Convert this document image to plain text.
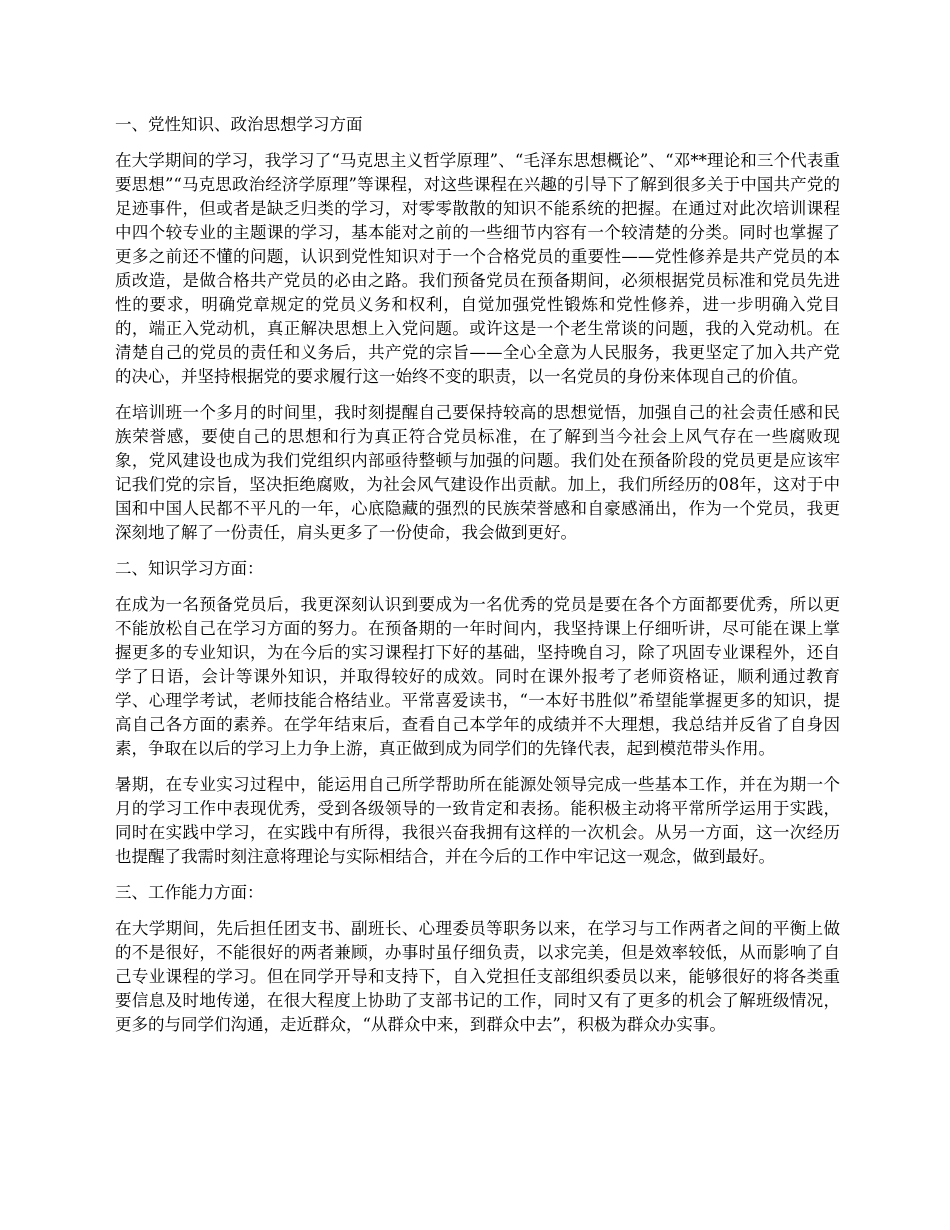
一、党性知识、政治思想学习方面
在大学期间的学习，我学习了“马克思主义哲学原理”、“毛泽东思想概论”、“邓**理论和三个代表重要思想”“马克思政治经济学原理”等课程，对这些课程在兴趣的引导下了解到很多关于中国共产党的足迹事件，但或者是缺乏归类的学习，对零零散散的知识不能系统的把握。在通过对此次培训课程中四个较专业的主题课的学习，基本能对之前的一些细节内容有一个较清楚的分类。同时也掌握了更多之前还不懂的问题，认识到党性知识对于一个合格党员的重要性——党性修养是共产党员的本质改造，是做合格共产党员的必由之路。我们预备党员在预备期间，必须根据党员标准和党员先进性的要求，明确党章规定的党员义务和权利，自觉加强党性锻炼和党性修养，进一步明确入党目的，端正入党动机，真正解决思想上入党问题。或许这是一个老生常谈的问题，我的入党动机。在清楚自己的党员的责任和义务后，共产党的宗旨——全心全意为人民服务，我更坚定了加入共产党的决心，并坚持根据党的要求履行这一始终不变的职责，以一名党员的身份来体现自己的价值。
在培训班一个多月的时间里，我时刻提醒自己要保持较高的思想觉悟，加强自己的社会责任感和民族荣誉感，要使自己的思想和行为真正符合党员标准，在了解到当今社会上风气存在一些腐败现象，党风建设也成为我们党组织内部亟待整顿与加强的问题。我们处在预备阶段的党员更是应该牢记我们党的宗旨，坚决拒绝腐败，为社会风气建设作出贡献。加上，我们所经历的08年，这对于中国和中国人民都不平凡的一年，心底隐藏的强烈的民族荣誉感和自豪感涌出，作为一个党员，我更深刻地了解了一份责任，肩头更多了一份使命，我会做到更好。
二、知识学习方面：
在成为一名预备党员后，我更深刻认识到要成为一名优秀的党员是要在各个方面都要优秀，所以更不能放松自己在学习方面的努力。在预备期的一年时间内，我坚持课上仔细听讲，尽可能在课上掌握更多的专业知识，为在今后的实习课程打下好的基础，坚持晚自习，除了巩固专业课程外，还自学了日语，会计等课外知识，并取得较好的成效。同时在课外报考了老师资格证，顺利通过教育学、心理学考试，老师技能合格结业。平常喜爱读书，“一本好书胜似”希望能掌握更多的知识，提高自己各方面的素养。在学年结束后，查看自己本学年的成绩并不大理想，我总结并反省了自身因素，争取在以后的学习上力争上游，真正做到成为同学们的先锋代表，起到模范带头作用。
暑期，在专业实习过程中，能运用自己所学帮助所在能源处领导完成一些基本工作，并在为期一个月的学习工作中表现优秀，受到各级领导的一致肯定和表扬。能积极主动将平常所学运用于实践，同时在实践中学习，在实践中有所得，我很兴奋我拥有这样的一次机会。从另一方面，这一次经历也提醒了我需时刻注意将理论与实际相结合，并在今后的工作中牢记这一观念，做到最好。
三、工作能力方面：
在大学期间，先后担任团支书、副班长、心理委员等职务以来，在学习与工作两者之间的平衡上做的不是很好，不能很好的两者兼顾，办事时虽仔细负责，以求完美，但是效率较低，从而影响了自己专业课程的学习。但在同学开导和支持下，自入党担任支部组织委员以来，能够很好的将各类重要信息及时地传递，在很大程度上协助了支部书记的工作，同时又有了更多的机会了解班级情况，更多的与同学们沟通，走近群众，“从群众中来，到群众中去”，积极为群众办实事。
